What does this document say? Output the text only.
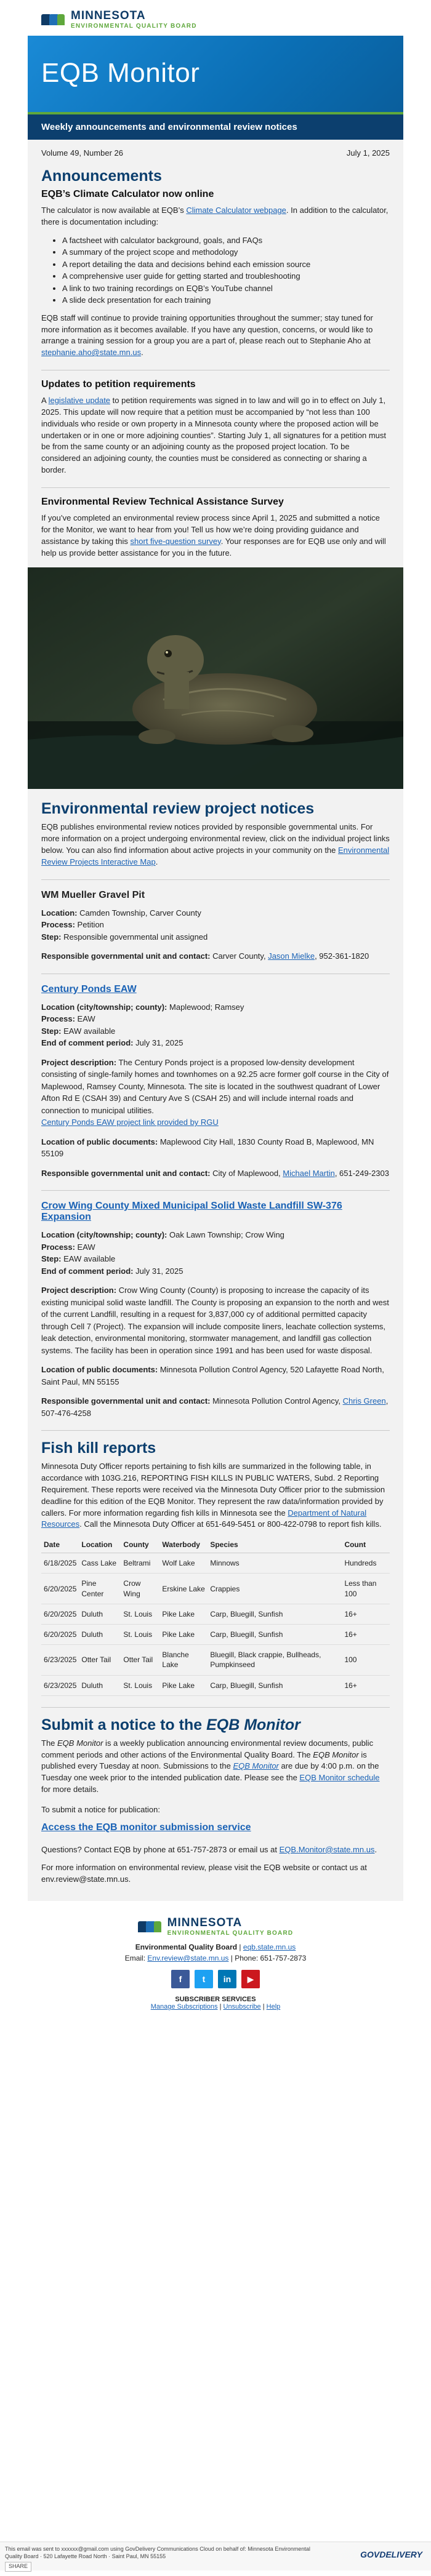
MINNESOTA
ENVIRONMENTAL QUALITY BOARD
EQB Monitor
Weekly announcements and environmental review notices
Volume 49, Number 26	July 1, 2025
Announcements
EQB’s Climate Calculator now online

The calculator is now available at EQB’s Climate Calculator webpage. In addition to the calculator, there is documentation including:

• A factsheet with calculator background, goals, and FAQs
• A summary of the project scope and methodology
• A report detailing the data and decisions behind each emission source
• A comprehensive user guide for getting started and troubleshooting
• A link to two training recordings on EQB’s YouTube channel
• A slide deck presentation for each training

EQB staff will continue to provide training opportunities throughout the summer; stay tuned for more information as it becomes available. If you have any question, concerns, or would like to arrange a training session for a group you are a part of, please reach out to Stephanie Aho at stephanie.aho@state.mn.us.

Updates to petition requirements

A legislative update to petition requirements was signed in to law and will go in to effect on July 1, 2025. This update will now require that a petition must be accompanied by “not less than 100 individuals who reside or own property in a Minnesota county where the proposed action will be undertaken or in one or more adjoining counties”. Starting July 1, all signatures for a petition must be from the same county or an adjoining county as the proposed project location. To be considered an adjoining county, the counties must be considered as connecting or sharing a border.

Environmental Review Technical Assistance Survey

If you’ve completed an environmental review process since April 1, 2025 and submitted a notice for the Monitor, we want to hear from you! Tell us how we’re doing providing guidance and assistance by taking this short five-question survey. Your responses are for EQB use only and will help us provide better assistance for you in the future.

Environmental review project notices

EQB publishes environmental review notices provided by responsible governmental units. For more information on a project undergoing environmental review, click on the individual project links below. You can also find information about active projects in your community on the Environmental Review Projects Interactive Map.

WM Mueller Gravel Pit

Location: Camden Township, Carver County

Process: Petition

Step: Responsible governmental unit assigned

Responsible governmental unit and contact: Carver County, Jason Mielke, 952-361-1820

Century Ponds EAW

Location (city/township; county): Maplewood; Ramsey

Process: EAW

Step: EAW available

End of comment period: July 31, 2025

Project description: The Century Ponds project is a proposed low-density development consisting of single-family homes and townhomes on a 92.25 acre former golf course in the City of Maplewood, Ramsey County, Minnesota. The site is located in the southwest quadrant of Lower Afton Rd E (CSAH 39) and Century Ave S (CSAH 25) and will include internal roads and connection to municipal utilities.
Century Ponds EAW project link provided by RGU

Location of public documents: Maplewood City Hall, 1830 County Road B, Maplewood, MN 55109

Responsible governmental unit and contact: City of Maplewood, Michael Martin, 651-249-2303

Crow Wing County Mixed Municipal Solid Waste Landfill SW-376 Expansion

Location (city/township; county): Oak Lawn Township; Crow Wing

Process: EAW

Step: EAW available

End of comment period: July 31, 2025

Project description: Crow Wing County (County) is proposing to increase the capacity of its existing municipal solid waste landfill. The County is proposing an expansion to the north and west of the current Landfill, resulting in a request for 3,837,000 cy of additional permitted capacity through Cell 7 (Project). The expansion will include composite liners, leachate collection systems, leak detection, environmental monitoring, stormwater management, and landfill gas collection systems. The facility has been in operation since 1991 and has been used for waste disposal.

Location of public documents: Minnesota Pollution Control Agency, 520 Lafayette Road North, Saint Paul, MN 55155

Responsible governmental unit and contact: Minnesota Pollution Control Agency, Chris Green, 507-476-4258

Fish kill reports

Minnesota Duty Officer reports pertaining to fish kills are summarized in the following table, in accordance with 103G.216, REPORTING FISH KILLS IN PUBLIC WATERS, Subd. 2 Reporting Requirement. These reports were received via the Minnesota Duty Officer prior to the submission deadline for this edition of the EQB Monitor. They represent the raw data/information provided by callers. For more information regarding fish kills in Minnesota see the Department of Natural Resources. Call the Minnesota Duty Officer at 651-649-5451 or 800-422-0798 to report fish kills.

Date	Location	County	Waterbody	Species	Count
6/18/2025	Cass Lake	Beltrami	Wolf Lake	Minnows	Hundreds
6/20/2025	Pine Center	Crow Wing	Erskine Lake	Crappies	Less than 100
6/20/2025	Duluth	St. Louis	Pike Lake	Carp, Bluegill, Sunfish	16+
6/20/2025	Duluth	St. Louis	Pike Lake	Carp, Bluegill, Sunfish	16+
6/23/2025	Otter Tail	Otter Tail	Blanche Lake	Bluegill, Black crappie, Bullheads, Pumpkinseed	100
6/23/2025	Duluth	St. Louis	Pike Lake	Carp, Bluegill, Sunfish	16+
Submit a notice to the EQB Monitor

The EQB Monitor is a weekly publication announcing environmental review documents, public comment periods and other actions of the Environmental Quality Board. The EQB Monitor is published every Tuesday at noon. Submissions to the EQB Monitor are due by 4:00 p.m. on the Tuesday one week prior to the intended publication date. Please see the EQB Monitor schedule for more details.

To submit a notice for publication:

Access the EQB monitor submission service

Questions? Contact EQB by phone at 651-757-2873 or email us at EQB.Monitor@state.mn.us.

For more information on environmental review, please visit the EQB website or contact us at env.review@state.mn.us.

MINNESOTA
ENVIRONMENTAL QUALITY BOARD
Environmental Quality Board | eqb.state.mn.us
Email: Env.review@state.mn.us | Phone: 651-757-2873
f	t	in	▶
SUBSCRIBER SERVICES
Manage Subscriptions | Unsubscribe | Help
This email was sent to xxxxxx@gmail.com using GovDelivery Communications Cloud on behalf of: Minnesota Environmental Quality Board · 520 Lafayette Road North · Saint Paul, MN 55155
SHARE
GOVDELIVERY
